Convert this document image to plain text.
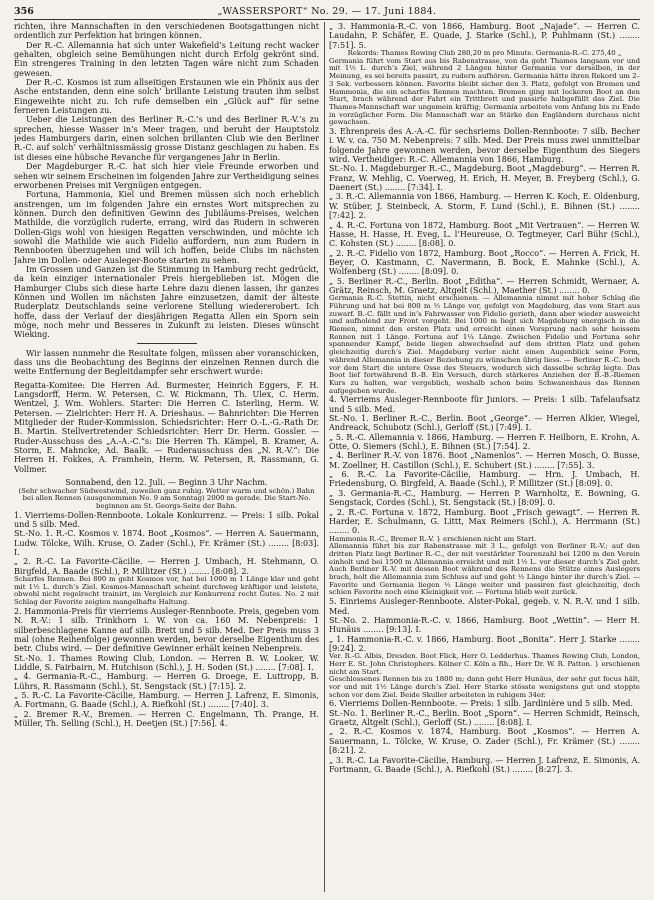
356	„WASSERSPORT“ No. 29. — 17. Juni 1884.

richten, ihre Mannschaften in den verschiedenen Bootsgattungen nicht ordentlich zur Perfektion hat bringen können.

Der R.-C. Allemannia hat sich unter Wakefield’s Leitung recht wacker gehalten, obgleich seine Bemühungen nicht durch Erfolg gekrönt sind. Ein strengeres Training in den letzten Tagen wäre nicht zum Schaden gewesen.

Der R.-C. Kosmos ist zum allseitigen Erstaunen wie ein Phönix aus der Asche entstanden, denn eine solch’ brillante Leistung trauten ihm selbst Eingeweihte nicht zu. Ich rufe demselben ein „Glück auf“ für seine ferneren Leistungen zu.

Ueber die Leistungen des Berliner R.-C.’s und des Berliner R.-V.’s zu sprechen, hiesse Wasser in’s Meer tragen, und beruht der Hauptstolz jedes Hamburgers darin, einen solchen brillanten Club wie den Berliner R.-C. auf solch’ verhältnissmässig grosse Distanz geschlagen zu haben. Es ist dieses eine hübsche Revanche für vergangenes Jahr in Berlin.

Der Magdeburger R.-C. hat sich hier viele Freunde erworben und sehen wir seinem Erscheinen im folgenden Jahre zur Vertheidigung seines erworbenen Preises mit Vergnügen entgegen.

Fortuna, Hammonia, Kiel und Bremen müssen sich noch erheblich anstrengen, um im folgenden Jahre ein ernstes Wort mitsprechen zu können. Durch den definitiven Gewinn des Jubiläums-Preises, welchen Mathilde, die vorzüglich ruderte, errang, wird das Rudern in schweren Dollen-Gigs wohl von hiesigen Regatten verschwinden, und möchte ich sowohl die Mathilde wie auch Fidelio auffordern, nun zum Rudern in Rennbooten überzugehen und will ich hoffen, beide Clubs im nächsten Jahre im Dollen- oder Ausleger-Boote starten zu sehen.

Im Grossen und Ganzen ist die Stimmung in Hamburg recht gedrückt, da kein einziger internationaler Preis hiergeblieben ist. Mögen die Hamburger Clubs sich diese harte Lehre dazu dienen lassen, ihr ganzes Können und Wollen im nächsten Jahre einzusetzen, damit der älteste Ruderplatz Deutschlands seine verlorene Stellung wiedererobert. Ich hoffe, dass der Verlauf der diesjährigen Regatta Allen ein Sporn sein möge, noch mehr und Besseres in Zukunft zu leisten. Dieses wünscht Wieking.

Wir lassen nunmehr die Resultate folgen, müssen aber voranschicken, dass uns die Beobachtung des Beginns der einzelnen Rennen durch die weite Entfernung der Begleitdampfer sehr erschwert wurde:

Regatta-Komitee: Die Herren Ad. Burmester, Heinrich Eggers, F. H. Langsdorff, Herm. W. Petersen, C. W. Rickmann, Th. Ulex, C. Herm. Wentzel, J. Wm. Wohlers. Starter: Die Herren C. Isterling, Herm. W. Petersen. — Zielrichter: Herr H. A. Drieshaus. — Bahnrichter: Die Herren Mitglieder der Ruder-Kommission. Schiedsrichter: Herr O.-L.-G.-Rath Dr. B. Martin. Stellvertretender Schiedsrichter: Herr Dr. Herm. Gossler. — Ruder-Ausschuss des „A.-A.-C.“s: Die Herren Th. Kämpel, B. Kramer, A. Storm, E. Mahncke, Ad. Baalk. — Ruderausschuss des „N. R.-V.“: Die Herren H. Fokkes, A. Framhein, Herm. W. Petersen, R. Rassmann, G. Vollmer.

Sonnabend, den 12. Juli. — Beginn 3 Uhr Nachm.

(Sehr schwacher Südwestwind, zuweilen ganz ruhig. Wetter warm und schön.) Bahn bei allen Rennen (ausgenommen No. 9 am Sonntag) 2000 m gerade. Die Start-No. beginnen am St. Georgs-Seite der Bahn.

1. Vierriems-Dollen-Rennboote. Lokale Konkurrenz. — Preis: 1 silb. Pokal und 5 silb. Med.

St.-No. 1. R.-C. Kosmos v. 1874. Boot „Kosmos“. — Herren A. Sauermann, Ludw. Tölcke, Wilh. Kruse, O. Zader (Schl.), Fr. Krämer (St.) ........ [8:03]. I.

„ 2. R.-C. La Favorite-Cäcilie. — Herren J. Umbach, H. Stehmann, O. Birgfeld, A. Baade (Schl.), P. Millitzer (St.) ........ [8:08]. 2.

Scharfes Rennen. Bei 800 m geht Kosmos vor, hat bei 1000 m 1 Länge klar und geht mit 1½ L. durch’s Ziel. Kosmos-Mannschaft scheint durchweg kräftiger und leistete, obwohl nicht regelrecht trainirt, im Vergleich zur Konkurrenz recht Gutes. No. 2 mit Schlag der Favorite zeigten mangelhafte Haltung.

2. Hammonia-Preis für vierriems Ausleger-Rennboote. Preis, gegeben vom N. R.-V.: 1 silb. Trinkhorn i. W. von ca. 160 M. Nebenpreis: 1 silberbeschlagene Kanne auf silb. Brett und 5 silb. Med. Der Preis muss 3 mal (ohne Reihenfolge) gewonnen werden, bevor derselbe Eigenthum des betr. Clubs wird. — Der definitive Gewinner erhält keinen Nebenpreis.

St.-No. 1. Thames Rowing Club, London. — Herren B. W. Looker, W. Liddle, S. Fairbairn, M. Hutchison (Schl.), J. H. Soden (St.) ........ [7:08]. I.

„ 4. Germania-R.-C., Hamburg. — Herren G. Droege, E. Luttropp, B. Lührs, R. Rassmann (Schl.), St. Sengstack (St.) [7:15]. 2.

„ 5. R.-C. La Favorite-Cäcilie, Hamburg. — Herren J. Lafrenz, E. Simonis, A. Fortmann, G. Baade (Schl.), A. Riefkohl (St.) ........ [7:40]. 3.

„ 2. Bremer R.-V., Bremen. — Herren C. Engelmann, Th. Prange, H. Müller, Th. Selling (Schl.), H. Deetjen (St.) [7:56]. 4.

„ 3. Hammonia-R.-C. von 1866, Hamburg. Boot „Najade“. — Herren C. Laudahn, P. Schäfer, E. Quade, J. Starke (Schl.), P. Puhlmann (St.) ........ [7:51]. 5.

Rekords: Thames Rowing Club 280,20 m pro Minute. Germania-R.-C. 275,40 „

Germania führt vom Start aus bis Rabenstrasse, von da geht Thames langsam vor und mit 1½ L. durch’s Ziel, während 2 Längen hinter Germania vor derselben, in der Meinung, es sei bereits passirt, zu rudern aufhören. Germania hätte ihren Rekord um 2–3 Sek. verbessern können. Favorite bleibt sicher den 3. Platz, gefolgt von Bremen und Hammonia, die ein scharfes Rennen machten. Bremen ging mit lockeren Boot an den Start, brach während der Fahrt ein Trittbrett und passirte halbgefüllt das Ziel. Die Thames-Mannschaft war ungemein kräftig; Germania arbeitete vom Anfang bis zu Ende in vorzüglicher Form. Die Mannschaft war an Stärke den Engländern durchaus nicht gewachsen.

3. Ehrenpreis des A.-A.-C. für sechsriems Dollen-Rennboote: 7 silb. Becher i. W. v. ca. 750 M. Nebenpreis: 7 silb. Med. Der Preis muss zwei unmittelbar folgende Jahre gewonnen werden, bevor derselbe Eigenthum des Siegers wird. Vertheidiger: R.-C. Allemannia von 1866, Hamburg.

St.-No. 1. Magdeburger R.-C., Magdeburg. Boot „Magdeburg“. — Herren R. Franz, W. Mehlig, C. Voerweg, H. Erich, H. Meyer, B. Freyberg (Schl.), G. Daenert (St.) ........ [7:34]. I.

„ 3. R.-C. Allemannia von 1866, Hamburg. — Herren K. Koch, E. Oldenburg, W. Stüber, J. Steinbeck, A. Storm, F. Lund (Schl.), E. Bihnen (St.) ........ [7:42]. 2.

„ 4. R.-C. Fortuna von 1872, Hamburg. Boot „Mit Vertrauen“. — Herren W. Hasse, H. Hasse, H. Eveg, L. l’Heureuse, O. Tegtmeyer, Carl Bühr (Schl.), C. Kohsten (St.) ........ [8:08]. 0.

„ 2. R.-C. Fidelio von 1872, Hamburg. Boot „Rocco“. — Herren A. Frick, H. Beyer, O. Kastmann, C. Navermann, B. Bock, E. Mahnke (Schl.), A. Wolfenberg (St.) ........ [8:09]. 0.

„ 5. Berliner R.-C., Berlin. Boot „Editha“. — Herren Schmidt, Wernaer, A. Grätz, Reinsch, M. Graetz, Altgelt (Schl.), Maether (St.) ........ 0.

Germania R.-C. Stettin, nicht erschienen. — Allemannia nimmt mit hoher Schlag die Führung und hat bei 800 m ½ Länge vor, gefolgt von Magdeburg, das vom Start aus zuwarf. B.-C. fällt und in’s Fahrwasser von Fidelio gerieth, dann aber wieder ausweicht und aufholend zur Front vorgeht. Bei 1000 m liegt sich Magdeburg energisch in die Riemen, nimmt den ersten Platz und erreicht einen Vorsprung nach sehr heissem Rennen mit 1 Länge. Fortuna auf 1¼ Länge. Zwischen Fidelio und Fortuna sehr spannender Kampf, beide liegen abwechselnd auf dem dritten Platz und gehen gleichzeitig durch’s Ziel. Magdeburg verlor nicht einen Augenblick seine Form, während Allemannia in dieser Beziehung zu wünschen übrig liess. — Berliner R.-C. boch vor dem Start die untere Osse des Steuers, wodurch sich dasselbe schräg legte. Das Boot lief fortwährend B.-B. Ein Versuch, durch stärkeres Anziehen der B.-B.-Riemen Kurs zu halten, war vergeblich, weshalb schon beim Schwanenhaus das Rennen aufgegeben wurde.

4. Vierriems Ausleger-Rennboote für Juniors. — Preis: 1 silb. Tafelaufsatz und 5 silb. Med.

St.-No. 1. Berliner R.-C., Berlin. Boot „George“. — Herren Alkier, Wiegel, Andreack, Schubotz (Schl.), Gerloff (St.) [7:49]. I.

„ 5. R.-C. Allemannia v. 1866, Hamburg. — Herren F. Heilborn, E. Krohn, A. Otte, O. Siemers (Schl.), E. Bihnen (St.) [7:54]. 2.

„ 4. Berliner R.-V. von 1876. Boot „Namenlos“. — Herren Mosch, O. Busse, M. Zoellner, H. Castillon (Schl.), E. Schubert (St.) ........ [7:55]. 3.

„ 6. R.-C. La Favorite-Cäcilie, Hamburg. — Hrn. J. Umbach, H. Friedensburg, O. Birgfeld, A. Baade (Schl.), P. Millitzer (St.) [8:09]. 0.

„ 3. Germania-R.-C., Hamburg. — Herren P. Warnholtz, E. Bowning, G. Sengstack, Cordes (Schl.), St. Sengstack (St.) [8:09]. 0.

„ 2. R.-C. Fortuna v. 1872, Hamburg. Boot „Frisch gewagt“. — Herren R. Harder, E. Schulmann, G. Littt, Max Reimers (Schl.), A. Herrmann (St.) ........ 0.

Hammonia R.-C., Bremer R.-V. } erschienen nicht am Start.

Allemannia führt bis zur Rabenstrasse mit 3 L., gefolgt von Berliner R.-V.; auf den dritten Platz liegt Berliner R.-C., der mit verstärkter Tourenzahl bei 1200 m den Verein einholt und bei 1500 m Allemannia erreicht und mit 1½ L. vor dieser durch’s Ziel geht. Auch Berliner R.-V. mit dessen Boot während des Rennens die Stütze eines Auslegers brach, holt die Allemannia zum Schluss auf und geht ½ Länge hinter ihr durch’s Ziel. — Favorite und Germania liegen ½ Länge weiter und passiren fast gleichzeitig, doch schien Favorite noch eine Kleinigkeit vor. — Fortuna blieb weit zurück.

5. Einriems Ausleger-Rennboote. Alster-Pokal, gegeb. v. N. R.-V. und 1 silb. Med.

St.-No. 2. Hammonia-R.-C. v. 1866, Hamburg. Boot „Wettin“. — Herr H. Hunäus ........ [9:13]. I.

„ 1. Hammonia-R.-C. v. 1866, Hamburg. Boot „Bonita“. Herr J. Starke ........ [9:24]. 2.

Ver. R.-G. Albis, Dresden. Boot Flick, Herr O. Ledderhus. Thames Rowing Club, London, Herr E. St. John Christophers. Kölner C. Köln a Rh., Herr Dr. W. R. Patton. } erschienen nicht am Start.

Geschlossenes Rennen bis zu 1800 m; dann geht Herr Hunäus, der sehr gut focus hält, vor und mit 1½ Länge durch’s Ziel. Herr Starke stösste wenigstens gut und stoppte schon vor dem Ziel. Beide Skuller arbeiteten in ruhigem 34er.

6. Vierriems Dollen-Rennboote. — Preis: 1 silb. Jardinière und 5 silb. Med.

St.-No. 1. Berliner R.-C., Berlin. Boot „Sporn“. — Herren Schmidt, Reinsch, Graetz, Altgelt (Schl.), Gerloff (St.) ........ [8:08]. I.

„ 2. R.-C. Kosmos v. 1874, Hamburg. Boot „Kosmos“. — Herren A. Sauermann, L. Tölcke, W. Kruse, O. Zader (Schl.), Fr. Krämer (St.) ........ [8:21]. 2.

„ 3. R.-C. La Favorite-Cäcilie, Hamburg. — Herren J. Lafrenz, E. Simonis, A. Fortmann, G. Baade (Schl.), A. Riefkohl (St.) ........ [8:27]. 3.
